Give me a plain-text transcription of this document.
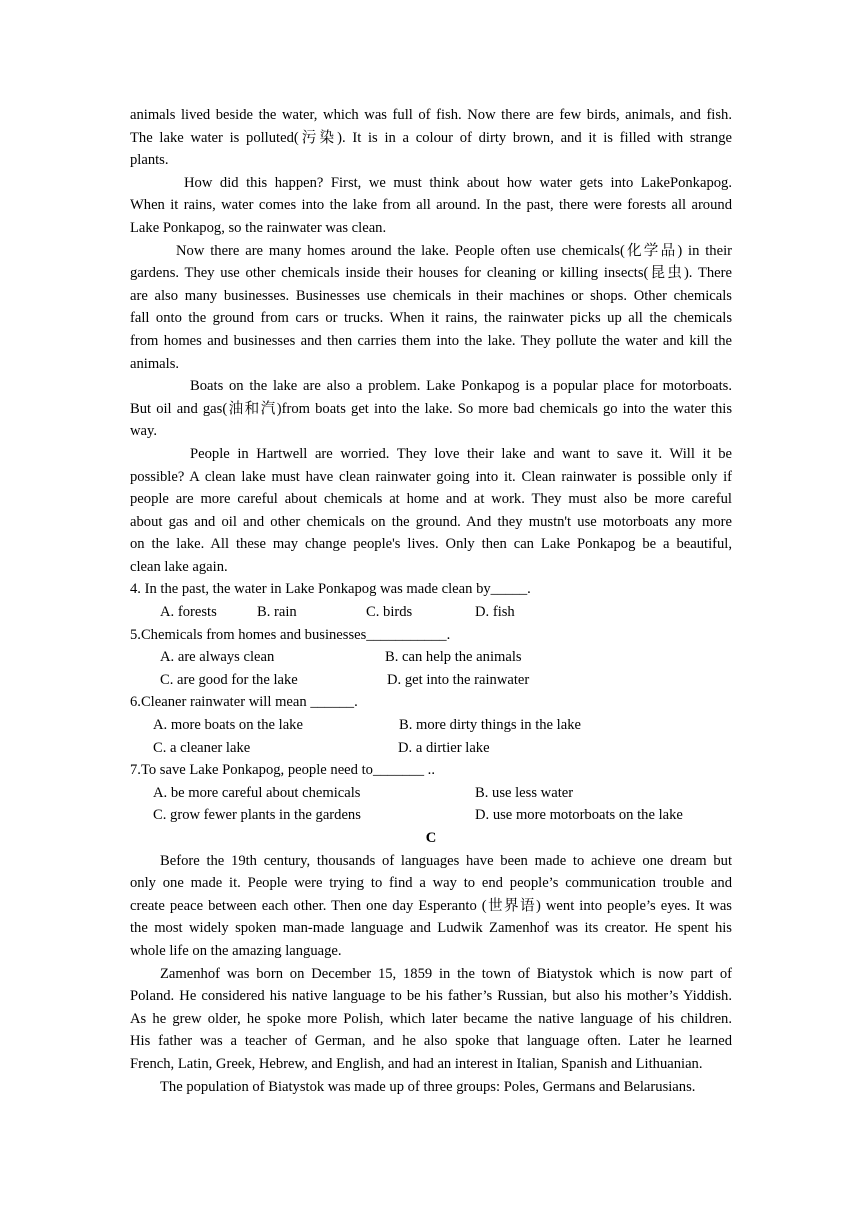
animals lived beside the water, which was full of fish. Now there are few birds, animals, and fish.
The lake water is polluted(污染). It is in a colour of dirty brown, and it is filled with strange
plants.
How did this happen? First, we must think about how water gets into LakePonkapog.
When it rains, water comes into the lake from all around. In the past, there were forests all around
Lake Ponkapog, so the rainwater was clean.
Now there are many homes around the lake. People often use chemicals(化学品) in their
gardens. They use other chemicals inside their houses for cleaning or killing insects(昆虫). There
are also many businesses. Businesses use chemicals in their machines or shops. Other chemicals
fall onto the ground from cars or trucks. When it rains, the rainwater picks up all the chemicals
from homes and businesses and then carries them into the lake. They pollute the water and kill the
animals.
Boats on the lake are also a problem. Lake Ponkapog is a popular place for motorboats.
But oil and gas(油和汽)from boats get into the lake. So more bad chemicals go into the water this
way.
People in Hartwell are worried. They love their lake and want to save it. Will it be
possible? A clean lake must have clean rainwater going into it. Clean rainwater is possible only if
people are more careful about chemicals at home and at work. They must also be more careful
about gas and oil and other chemicals on the ground. And they mustn't use motorboats any more
on the lake. All these may change people's lives. Only then can Lake Ponkapog be a beautiful,
clean lake again.
4. In the past, the water in Lake Ponkapog was made clean by_____.
A. forests	B. rain	C. birds	D. fish
5.Chemicals from homes and businesses___________.
A. are always clean	B. can help the animals
C. are good for the lake	D. get into the rainwater
6.Cleaner rainwater will mean ______.
A. more boats on the lake	B. more dirty things in the lake
C. a cleaner lake	D. a dirtier lake
7.To save Lake Ponkapog, people need to_______ ..
A. be more careful about chemicals	B. use less water
C. grow fewer plants in the gardens	D. use more motorboats on the lake
C
Before the 19th century, thousands of languages have been made to achieve one dream but
only one made it. People were trying to find a way to end people’s communication trouble and
create peace between each other. Then one day Esperanto (世界语) went into people’s eyes. It was
the most widely spoken man-made language and Ludwik Zamenhof was its creator. He spent his
whole life on the amazing language.
Zamenhof was born on December 15, 1859 in the town of Biatystok which is now part of
Poland. He considered his native language to be his father’s Russian, but also his mother’s Yiddish.
As he grew older, he spoke more Polish, which later became the native language of his children.
His father was a teacher of German, and he also spoke that language often. Later he learned
French, Latin, Greek, Hebrew, and English, and had an interest in Italian, Spanish and Lithuanian.
The population of Biatystok was made up of three groups: Poles, Germans and Belarusians.
